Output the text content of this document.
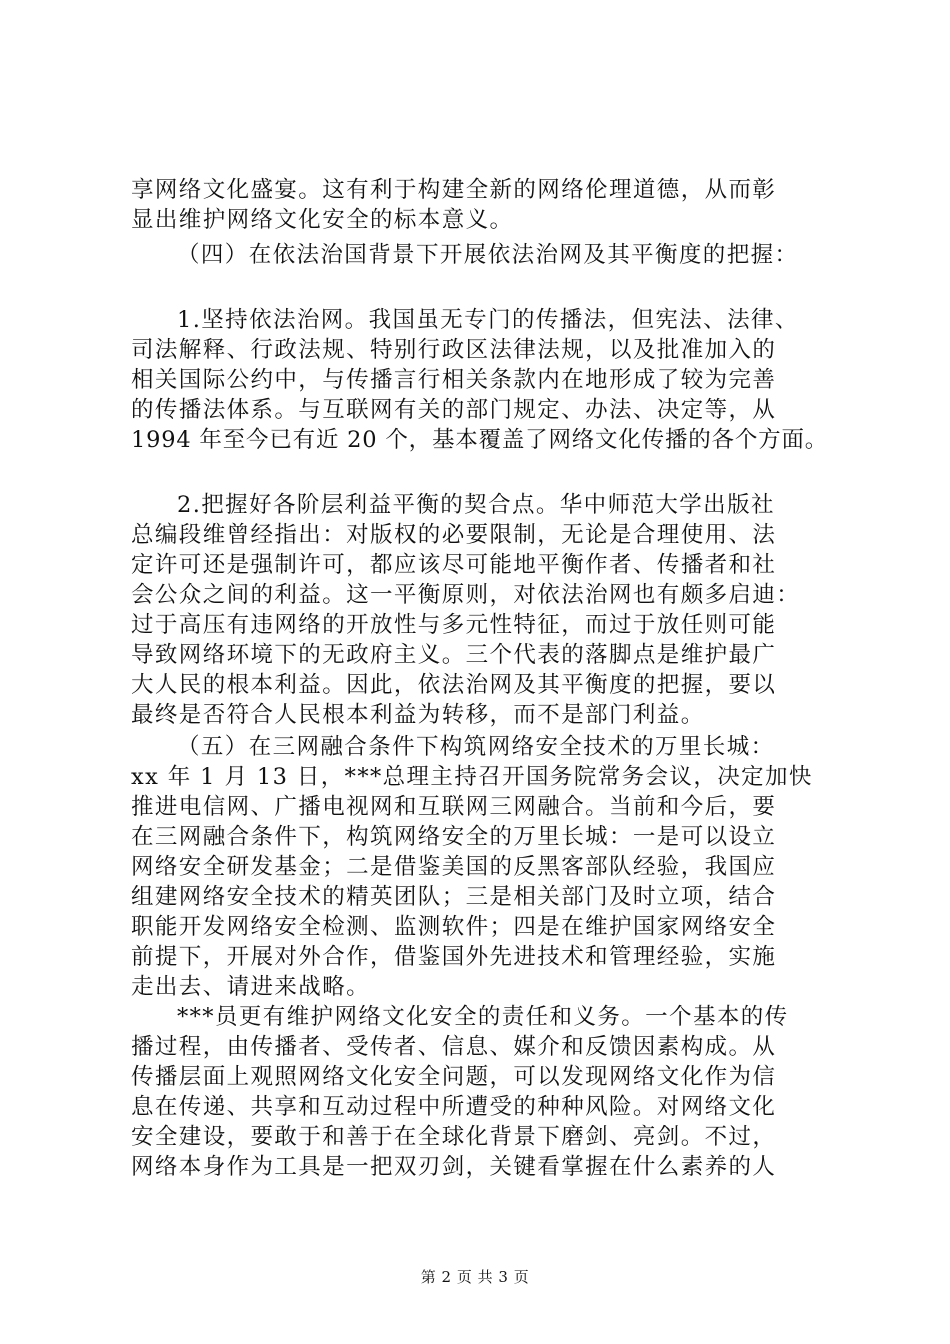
享网络文化盛宴。这有利于构建全新的网络伦理道德，从而彰
显出维护网络文化安全的标本意义。
（四）在依法治国背景下开展依法治网及其平衡度的把握：
1.坚持依法治网。我国虽无专门的传播法，但宪法、法律、
司法解释、行政法规、特别行政区法律法规，以及批准加入的
相关国际公约中，与传播言行相关条款内在地形成了较为完善
的传播法体系。与互联网有关的部门规定、办法、决定等，从
1994 年至今已有近 20 个，基本覆盖了网络文化传播的各个方面。
2.把握好各阶层利益平衡的契合点。华中师范大学出版社
总编段维曾经指出：对版权的必要限制，无论是合理使用、法
定许可还是强制许可，都应该尽可能地平衡作者、传播者和社
会公众之间的利益。这一平衡原则，对依法治网也有颇多启迪：
过于高压有违网络的开放性与多元性特征，而过于放任则可能
导致网络环境下的无政府主义。三个代表的落脚点是维护最广
大人民的根本利益。因此，依法治网及其平衡度的把握，要以
最终是否符合人民根本利益为转移，而不是部门利益。
（五）在三网融合条件下构筑网络安全技术的万里长城：
xx 年 1 月 13 日，***总理主持召开国务院常务会议，决定加快
推进电信网、广播电视网和互联网三网融合。当前和今后，要
在三网融合条件下，构筑网络安全的万里长城：一是可以设立
网络安全研发基金；二是借鉴美国的反黑客部队经验，我国应
组建网络安全技术的精英团队；三是相关部门及时立项，结合
职能开发网络安全检测、监测软件；四是在维护国家网络安全
前提下，开展对外合作，借鉴国外先进技术和管理经验，实施
走出去、请进来战略。
***员更有维护网络文化安全的责任和义务。一个基本的传
播过程，由传播者、受传者、信息、媒介和反馈因素构成。从
传播层面上观照网络文化安全问题，可以发现网络文化作为信
息在传递、共享和互动过程中所遭受的种种风险。对网络文化
安全建设，要敢于和善于在全球化背景下磨剑、亮剑。不过，
网络本身作为工具是一把双刃剑，关键看掌握在什么素养的人
第 2 页 共 3 页
